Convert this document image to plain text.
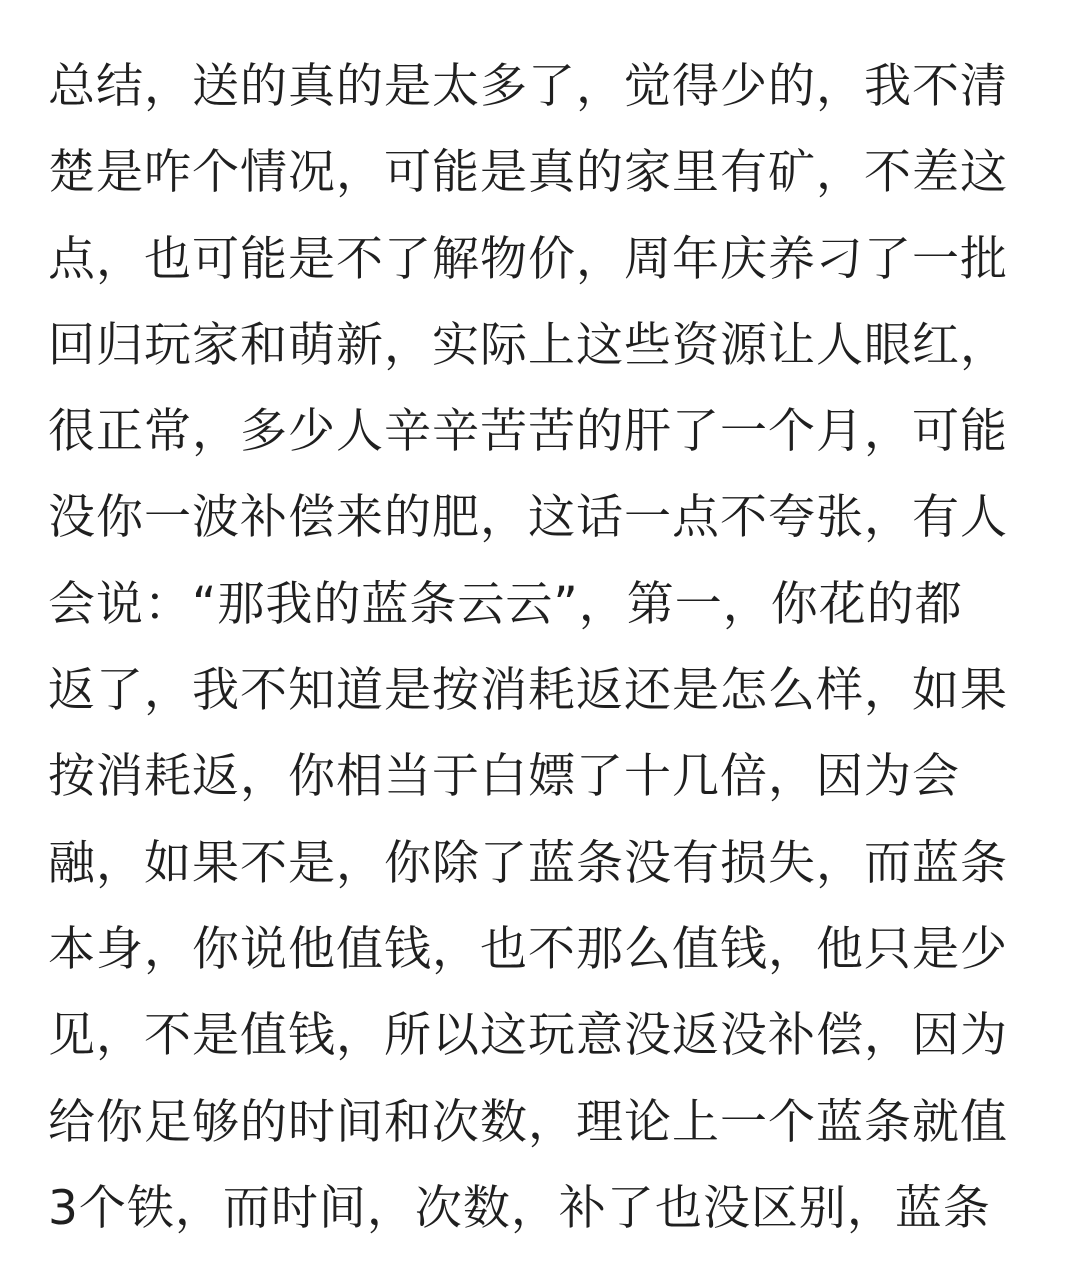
总结，送的真的是太多了，觉得少的，我不清
楚是咋个情况，可能是真的家里有矿，不差这
点，也可能是不了解物价，周年庆养刁了一批
回归玩家和萌新，实际上这些资源让人眼红，
很正常，多少人辛辛苦苦的肝了一个月，可能
没你一波补偿来的肥，这话一点不夸张，有人
会说：“那我的蓝条云云”，第一，你花的都
返了，我不知道是按消耗返还是怎么样，如果
按消耗返，你相当于白嫖了十几倍，因为会
融，如果不是，你除了蓝条没有损失，而蓝条
本身，你说他值钱，也不那么值钱，他只是少
见，不是值钱，所以这玩意没返没补偿，因为
给你足够的时间和次数，理论上一个蓝条就值
3个铁，而时间，次数，补了也没区别，蓝条
